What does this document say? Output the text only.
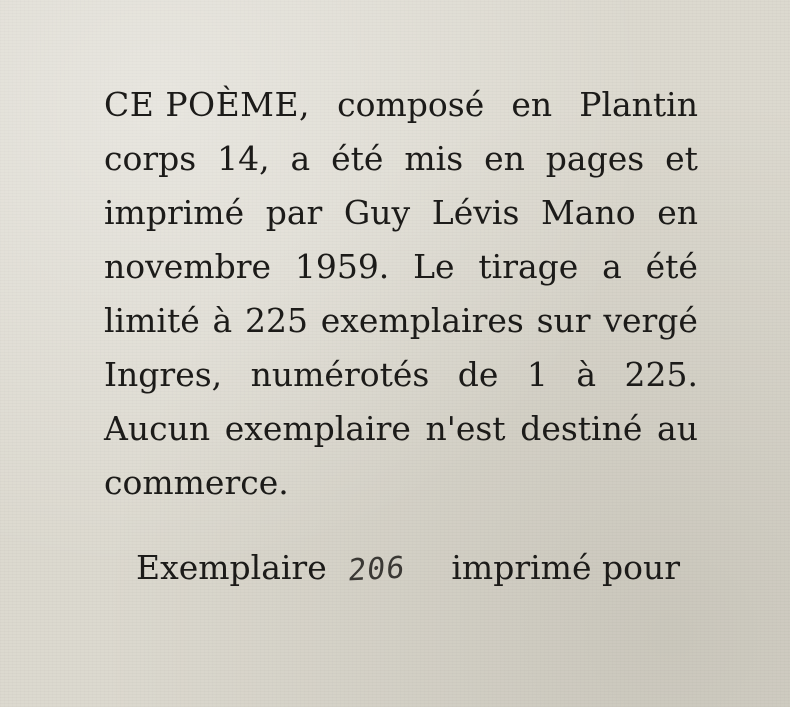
CE POÈME, composé en Plantin
corps 14, a été mis en pages et
imprimé par Guy Lévis Mano en
novembre 1959. Le tirage a été
limité à 225 exemplaires sur vergé
Ingres, numérotés de 1 à 225.
Aucun exemplaire n'est destiné au
commerce.
Exemplaire 206 imprimé pour
